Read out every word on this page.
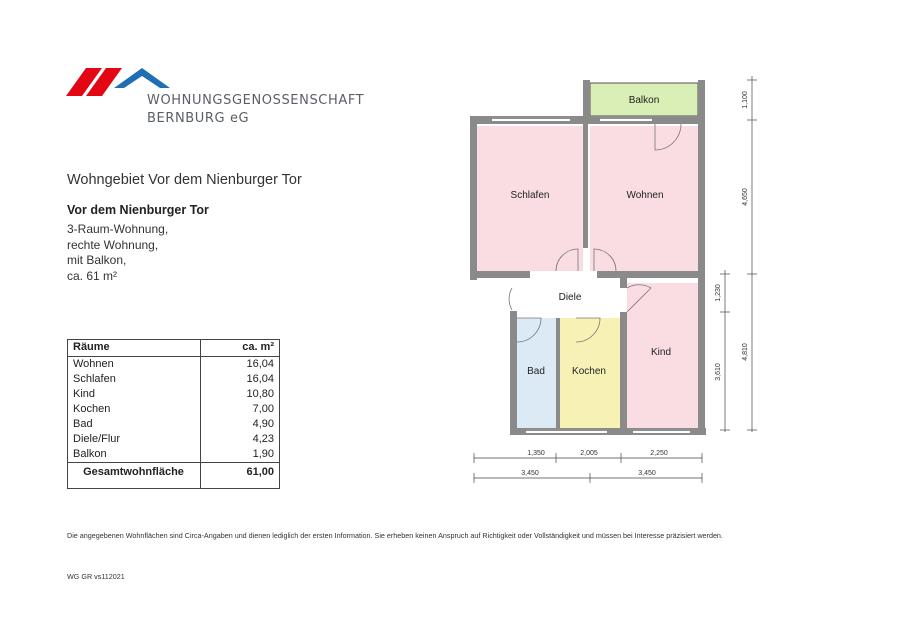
WOHNUNGSGENOSSENSCHAFT
BERNBURG eG
Wohngebiet Vor dem Nienburger Tor
Vor dem Nienburger Tor
3-Raum-Wohnung,
rechte Wohnung,
mit Balkon,
ca. 61 m²
Räume	ca. m²
Wohnen	16,04
Schlafen	16,04
Kind	10,80
Kochen	7,00
Bad	4,90
Diele/Flur	4,23
Balkon	1,90
Gesamtwohnfläche	61,00
Balkon
Schlafen	Wohnen
Diele
Bad	Kochen
Kind
1,100
4,650
1,230
3,610
4,810
1,350	2,005	2,250
3,450	3,450
Die angegebenen Wohnflächen sind Circa-Angaben und dienen lediglich der ersten Information. Sie erheben keinen Anspruch auf Richtigkeit oder Vollständigkeit und müssen bei Interesse präzisiert werden.
WG GR vs112021
